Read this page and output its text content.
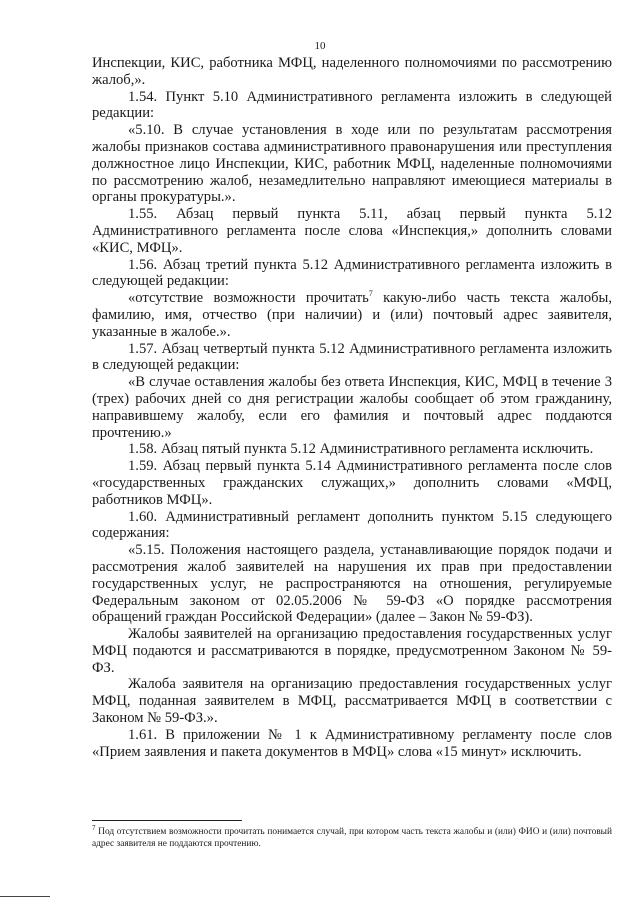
10

Инспекции, КИС, работника МФЦ, наделенного полномочиями по рассмотрению жалоб,».

1.54. Пункт 5.10 Административного регламента изложить в следующей редакции:

«5.10. В случае установления в ходе или по результатам рассмотрения жалобы признаков состава административного правонарушения или преступления должностное лицо Инспекции, КИС, работник МФЦ, наделенные полномочиями по рассмотрению жалоб, незамедлительно направляют имеющиеся материалы в органы прокуратуры.».

1.55. Абзац первый пункта 5.11, абзац первый пункта 5.12 Административного регламента после слова «Инспекция,» дополнить словами «КИС, МФЦ».

1.56. Абзац третий пункта 5.12 Административного регламента изложить в следующей редакции:

«отсутствие возможности прочитать$^7$ какую-либо часть текста жалобы, фамилию, имя, отчество (при наличии) и (или) почтовый адрес заявителя, указанные в жалобе.».

1.57. Абзац четвертый пункта 5.12 Административного регламента изложить в следующей редакции:

«В случае оставления жалобы без ответа Инспекция, КИС, МФЦ в течение 3 (трех) рабочих дней со дня регистрации жалобы сообщает об этом гражданину, направившему жалобу, если его фамилия и почтовый адрес поддаются прочтению.»

1.58. Абзац пятый пункта 5.12 Административного регламента исключить.

1.59. Абзац первый пункта 5.14 Административного регламента после слов «государственных гражданских служащих,» дополнить словами «МФЦ, работников МФЦ».

1.60. Административный регламент дополнить пунктом 5.15 следующего содержания:

«5.15. Положения настоящего раздела, устанавливающие порядок подачи и рассмотрения жалоб заявителей на нарушения их прав при предоставлении государственных услуг, не распространяются на отношения, регулируемые Федеральным законом от 02.05.2006 № 59-ФЗ «О порядке рассмотрения обращений граждан Российской Федерации» (далее – Закон № 59-ФЗ).

Жалобы заявителей на организацию предоставления государственных услуг МФЦ подаются и рассматриваются в порядке, предусмотренном Законом № 59-ФЗ.

Жалоба заявителя на организацию предоставления государственных услуг МФЦ, поданная заявителем в МФЦ, рассматривается МФЦ в соответствии с Законом № 59-ФЗ.».

1.61. В приложении № 1 к Административному регламенту после слов «Прием заявления и пакета документов в МФЦ» слова «15 минут» исключить.

$^7$ Под отсутствием возможности прочитать понимается случай, при котором часть текста жалобы и (или) ФИО и (или) почтовый адрес заявителя не поддаются прочтению.
